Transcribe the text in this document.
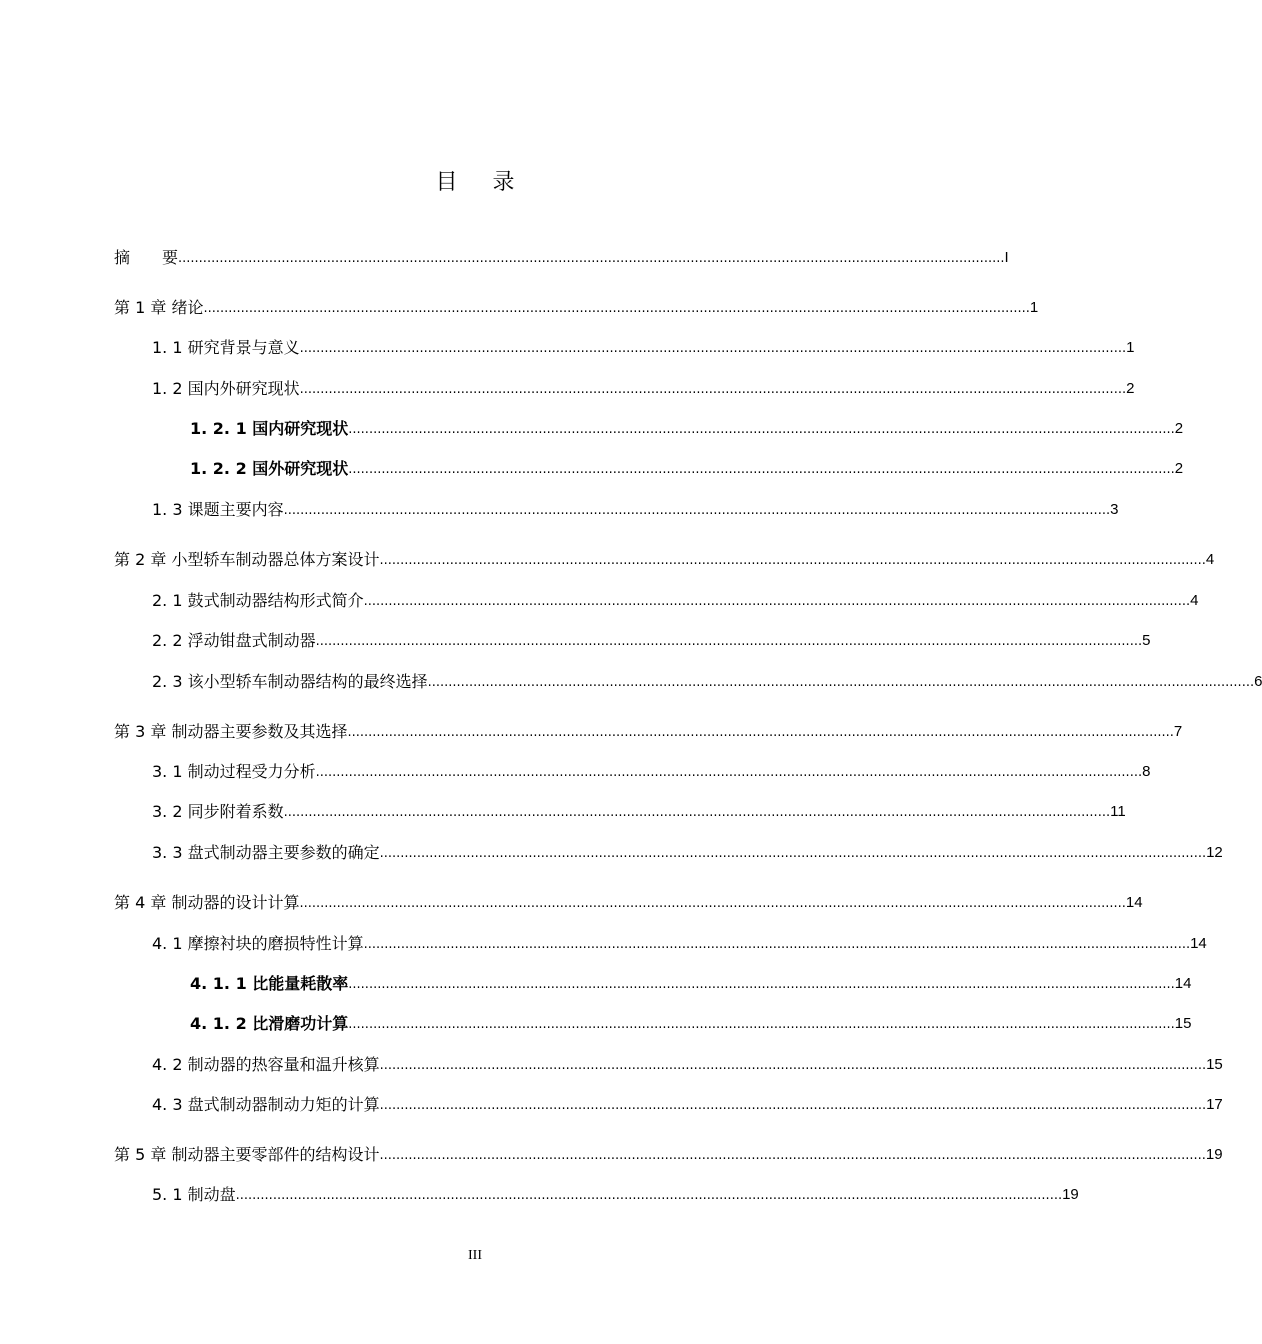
目 录
摘　　要 ........................................................................................................................................................................................................ I
第 1 章 绪论 ........................................................................................................................................................................................................ 1
1. 1 研究背景与意义 ........................................................................................................................................................................................................ 1
1. 2 国内外研究现状 ........................................................................................................................................................................................................ 2
1. 2. 1 国内研究现状 ........................................................................................................................................................................................................ 2
1. 2. 2 国外研究现状 ........................................................................................................................................................................................................ 2
1. 3 课题主要内容 ........................................................................................................................................................................................................ 3
第 2 章 小型轿车制动器总体方案设计 ........................................................................................................................................................................................................ 4
2. 1 鼓式制动器结构形式简介 ........................................................................................................................................................................................................ 4
2. 2 浮动钳盘式制动器 ........................................................................................................................................................................................................ 5
2. 3 该小型轿车制动器结构的最终选择 ........................................................................................................................................................................................................ 6
第 3 章 制动器主要参数及其选择 ........................................................................................................................................................................................................ 7
3. 1 制动过程受力分析 ........................................................................................................................................................................................................ 8
3. 2 同步附着系数 ........................................................................................................................................................................................................ 11
3. 3 盘式制动器主要参数的确定 ........................................................................................................................................................................................................ 12
第 4 章 制动器的设计计算 ........................................................................................................................................................................................................ 14
4. 1 摩擦衬块的磨损特性计算 ........................................................................................................................................................................................................ 14
4. 1. 1 比能量耗散率 ........................................................................................................................................................................................................ 14
4. 1. 2 比滑磨功计算 ........................................................................................................................................................................................................ 15
4. 2 制动器的热容量和温升核算 ........................................................................................................................................................................................................ 15
4. 3 盘式制动器制动力矩的计算 ........................................................................................................................................................................................................ 17
第 5 章 制动器主要零部件的结构设计 ........................................................................................................................................................................................................ 19
5. 1 制动盘 ........................................................................................................................................................................................................ 19
III
